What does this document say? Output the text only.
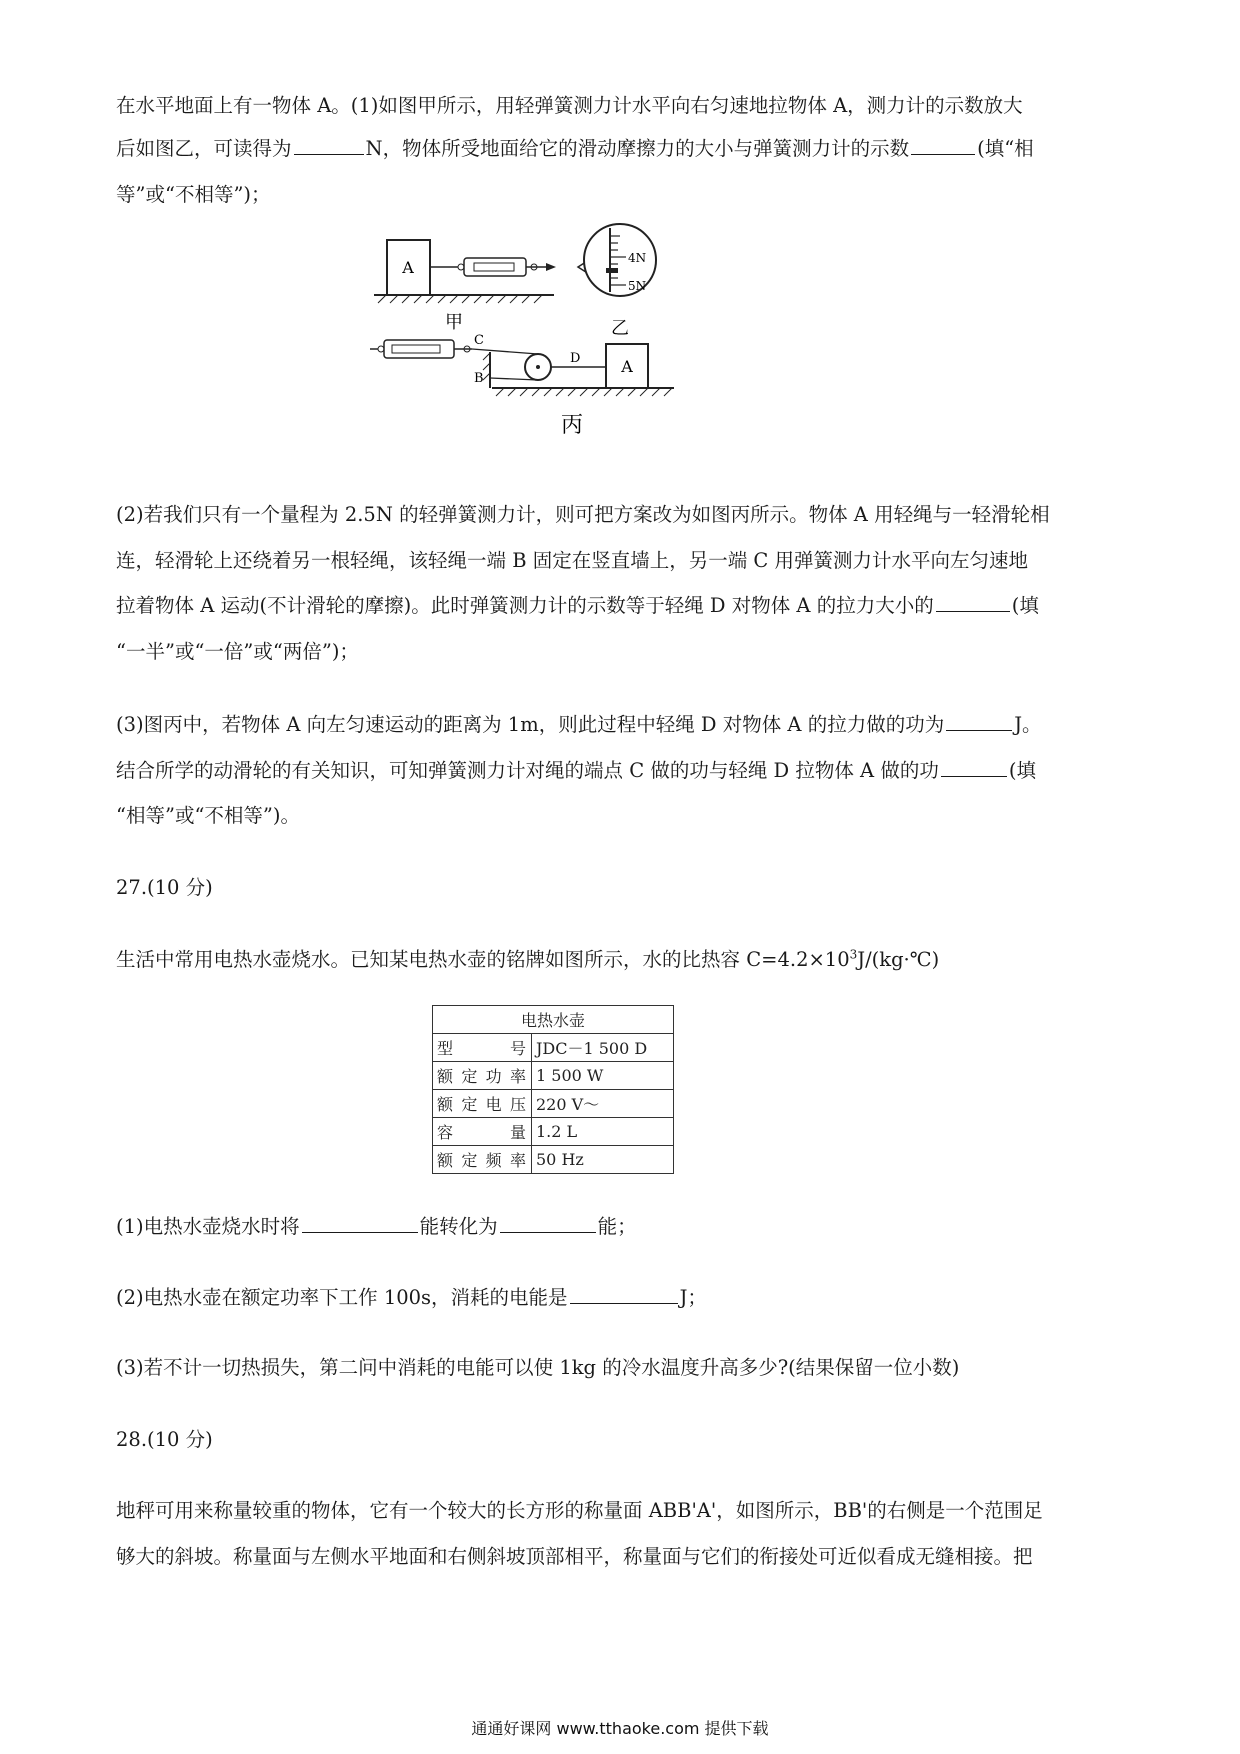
在水平地面上有一物体 A。(1)如图甲所示，用轻弹簧测力计水平向右匀速地拉物体 A，测力计的示数放大
后如图乙，可读得为	N，物体所受地面给它的滑动摩擦力的大小与弹簧测力计的示数	(填“相
等”或“不相等”)；
A	4N
5N
甲	乙
C
B
D	A
丙
(2)若我们只有一个量程为 2.5N 的轻弹簧测力计，则可把方案改为如图丙所示。物体 A 用轻绳与一轻滑轮相
连，轻滑轮上还绕着另一根轻绳，该轻绳一端 B 固定在竖直墙上，另一端 C 用弹簧测力计水平向左匀速地
拉着物体 A 运动(不计滑轮的摩擦)。此时弹簧测力计的示数等于轻绳 D 对物体 A 的拉力大小的	(填
“一半”或“一倍”或“两倍”)；
(3)图丙中，若物体 A 向左匀速运动的距离为 1m，则此过程中轻绳 D 对物体 A 的拉力做的功为	J。
结合所学的动滑轮的有关知识，可知弹簧测力计对绳的端点 C 做的功与轻绳 D 拉物体 A 做的功	(填
“相等”或“不相等”)。
27.(10 分)
生活中常用电热水壶烧水。已知某电热水壶的铭牌如图所示，水的比热容 $C=4.2\times 10^3J/(kg\cdot℃)$
电热水壶	
型号	JDC－1 500 D
额定功率	1 500 W
额定电压	220 V～
容量	1.2 L
额定频率	50 Hz
(1)电热水壶烧水时将	能转化为	能；
(2)电热水壶在额定功率下工作 100s，消耗的电能是	J；
(3)若不计一切热损失，第二问中消耗的电能可以使 1kg 的冷水温度升高多少?(结果保留一位小数)
28.(10 分)
地秤可用来称量较重的物体，它有一个较大的长方形的称量面 ABB'A'，如图所示，BB'的右侧是一个范围足
够大的斜坡。称量面与左侧水平地面和右侧斜坡顶部相平，称量面与它们的衔接处可近似看成无缝相接。把
通通好课网 www.tthaoke.com 提供下载
